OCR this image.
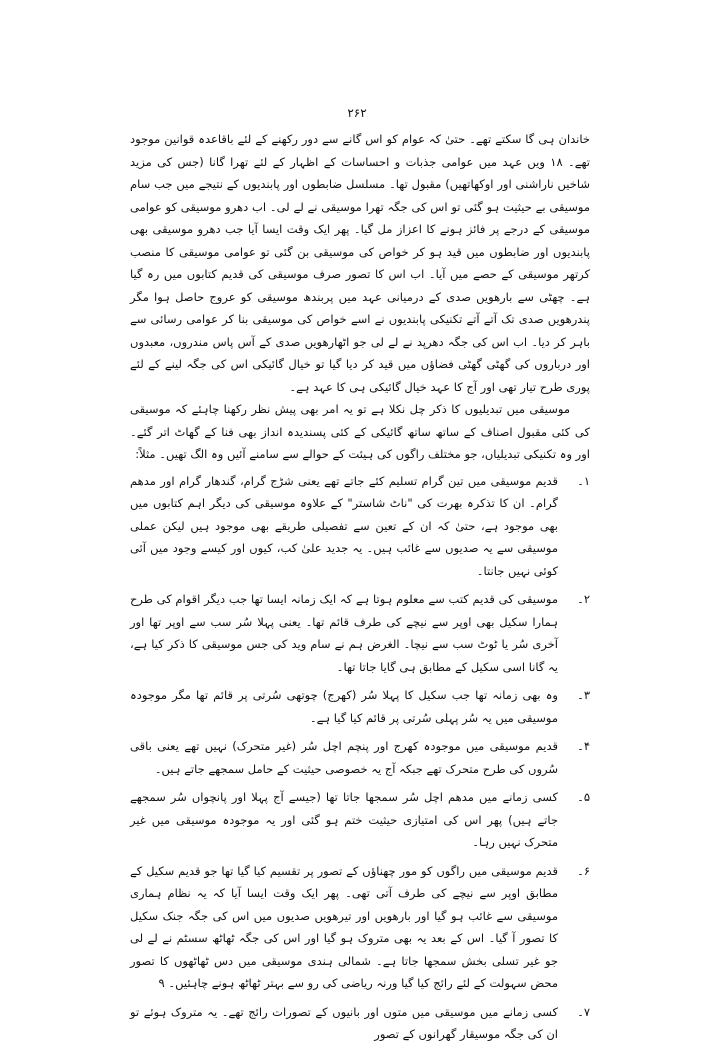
۲۶۲

خاندان ہی گا سکتے تھے۔ حتیٰ کہ عوام کو اس گانے سے دور رکھنے کے لئے باقاعدہ قوانین موجود تھے۔ ۱۸ ویں عہد میں عوامی جذبات و احساسات کے اظہار کے لئے تھرا گانا (جس کی مزید شاخیں ناراشنی اور اوکھاتھیں) مقبول تھا۔ مسلسل ضابطوں اور پابندیوں کے نتیجے میں جب سام موسیقی بے حیثیت ہو گئی تو اس کی جگہ تھرا موسیقی نے لے لی۔ اب دھرو موسیقی کو عوامی موسیقی کے درجے پر فائز ہونے کا اعزاز مل گیا۔ پھر ایک وقت ایسا آیا جب دھرو موسیقی بھی پابندیوں اور ضابطوں میں قید ہو کر خواص کی موسیقی بن گئی تو عوامی موسیقی کا منصب کرتھر موسیقی کے حصے میں آیا۔ اب اس کا تصور صرف موسیقی کی قدیم کتابوں میں رہ گیا ہے۔ چھٹی سے بارھویں صدی کے درمیانی عہد میں پربندھ موسیقی کو عروج حاصل ہوا مگر پندرھویں صدی تک آتے آتے تکنیکی پابندیوں نے اسے خواص کی موسیقی بنا کر عوامی رسائی سے باہر کر دیا۔ اب اس کی جگہ دھرپد نے لے لی جو اٹھارھویں صدی کے آس پاس مندروں، معبدوں اور درباروں کی گھٹی گھٹی فضاؤں میں قید کر دیا گیا تو خیال گائیکی اس کی جگہ لینے کے لئے پوری طرح تیار تھی اور آج کا عہد خیال گائیکی ہی کا عہد ہے۔

موسیقی میں تبدیلیوں کا ذکر چل نکلا ہے تو یہ امر بھی پیش نظر رکھنا چاہئے کہ موسیقی کی کئی مقبول اصناف کے ساتھ ساتھ گائیکی کے کئی پسندیدہ انداز بھی فنا کے گھاٹ اتر گئے۔ اور وہ تکنیکی تبدیلیاں، جو مختلف راگوں کی ہیئت کے حوالے سے سامنے آئیں وہ الگ تھیں۔ مثلاً:

۱۔
قدیم موسیقی میں تین گرام تسلیم کئے جاتے تھے یعنی شڑج گرام، گندھار گرام اور مدھم گرام۔ ان کا تذکرہ بھرت کی "ناٹ شاستر" کے علاوہ موسیقی کی دیگر اہم کتابوں میں بھی موجود ہے، حتیٰ کہ ان کے تعین سے تفصیلی طریقے بھی موجود ہیں لیکن عملی موسیقی سے یہ صدیوں سے غائب ہیں۔ یہ جدید علیٰ کب، کیوں اور کیسے وجود میں آئی کوئی نہیں جانتا۔
۲۔
موسیقی کی قدیم کتب سے معلوم ہوتا ہے کہ ایک زمانہ ایسا تھا جب دیگر اقوام کی طرح ہمارا سکیل بھی اوپر سے نیچے کی طرف قائم تھا۔ یعنی پہلا سُر سب سے اوپر تھا اور آخری سُر یا ٹوٹ سب سے نیچا۔ الغرض ہم نے سام وید کی جس موسیقی کا ذکر کیا ہے، یہ گانا اسی سکیل کے مطابق ہی گایا جاتا تھا۔
۳۔
وہ بھی زمانہ تھا جب سکیل کا پہلا سُر (کھرج) چوتھی سُرتی پر قائم تھا مگر موجودہ موسیقی میں یہ سُر پہلی سُرتی پر قائم کیا گیا ہے۔
۴۔
قدیم موسیقی میں موجودہ کھرج اور پنچم اچل سُر (غیر متحرک) نہیں تھے یعنی باقی سُروں کی طرح متحرک تھے جبکہ آج یہ خصوصی حیثیت کے حامل سمجھے جاتے ہیں۔
۵۔
کسی زمانے میں مدھم اچل سُر سمجھا جاتا تھا (جیسے آج پہلا اور پانچواں سُر سمجھے جاتے ہیں) پھر اس کی امتیازی حیثیت ختم ہو گئی اور یہ موجودہ موسیقی میں غیر متحرک نہیں رہا۔
۶۔
قدیم موسیقی میں راگوں کو مور چھناؤں کے تصور پر تقسیم کیا گیا تھا جو قدیم سکیل کے مطابق اوپر سے نیچے کی طرف آتی تھی۔ پھر ایک وقت ایسا آیا کہ یہ نظام ہماری موسیقی سے غائب ہو گیا اور بارھویں اور تیرھویں صدیوں میں اس کی جگہ جنک سکیل کا تصور آ گیا۔ اس کے بعد یہ بھی متروک ہو گیا اور اس کی جگہ ٹھاٹھ سسٹم نے لے لی جو غیر تسلی بخش سمجھا جاتا ہے۔ شمالی ہندی موسیقی میں دس ٹھاٹھوں کا تصور محض سہولت کے لئے رائج کیا گیا ورنہ ریاضی کی رو سے بہتر ٹھاٹھ ہونے چاہئیں۔ ۹
۷۔
کسی زمانے میں موسیقی میں متوں اور بانیوں کے تصورات رائج تھے۔ یہ متروک ہوئے تو ان کی جگہ موسیقار گھرانوں کے تصور
